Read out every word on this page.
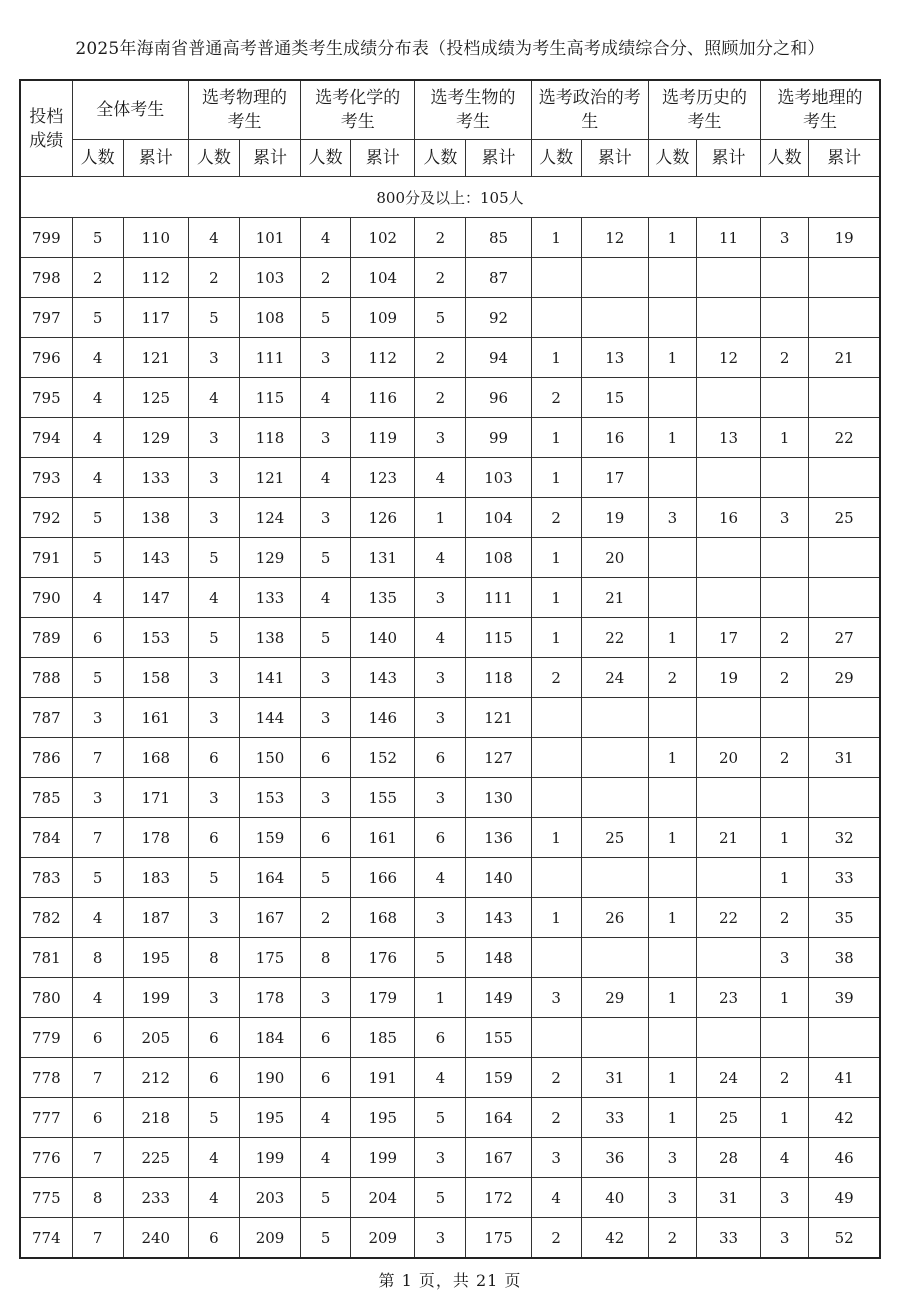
2025年海南省普通高考普通类考生成绩分布表（投档成绩为考生高考成绩综合分、照顾加分之和）
投档成绩	全体考生		选考物理的考生		选考化学的考生		选考生物的考生		选考政治的考生		选考历史的考生		选考地理的考生	
	人数	累计	人数	累计	人数	累计	人数	累计	人数	累计	人数	累计	人数	累计
800分及以上：105人														
799	5	110	4	101	4	102	2	85	1	12	1	11	3	19
798	2	112	2	103	2	104	2	87						
797	5	117	5	108	5	109	5	92						
796	4	121	3	111	3	112	2	94	1	13	1	12	2	21
795	4	125	4	115	4	116	2	96	2	15				
794	4	129	3	118	3	119	3	99	1	16	1	13	1	22
793	4	133	3	121	4	123	4	103	1	17				
792	5	138	3	124	3	126	1	104	2	19	3	16	3	25
791	5	143	5	129	5	131	4	108	1	20				
790	4	147	4	133	4	135	3	111	1	21				
789	6	153	5	138	5	140	4	115	1	22	1	17	2	27
788	5	158	3	141	3	143	3	118	2	24	2	19	2	29
787	3	161	3	144	3	146	3	121						
786	7	168	6	150	6	152	6	127			1	20	2	31
785	3	171	3	153	3	155	3	130						
784	7	178	6	159	6	161	6	136	1	25	1	21	1	32
783	5	183	5	164	5	166	4	140					1	33
782	4	187	3	167	2	168	3	143	1	26	1	22	2	35
781	8	195	8	175	8	176	5	148					3	38
780	4	199	3	178	3	179	1	149	3	29	1	23	1	39
779	6	205	6	184	6	185	6	155						
778	7	212	6	190	6	191	4	159	2	31	1	24	2	41
777	6	218	5	195	4	195	5	164	2	33	1	25	1	42
776	7	225	4	199	4	199	3	167	3	36	3	28	4	46
775	8	233	4	203	5	204	5	172	4	40	3	31	3	49
774	7	240	6	209	5	209	3	175	2	42	2	33	3	52
第 1 页，共 21 页
